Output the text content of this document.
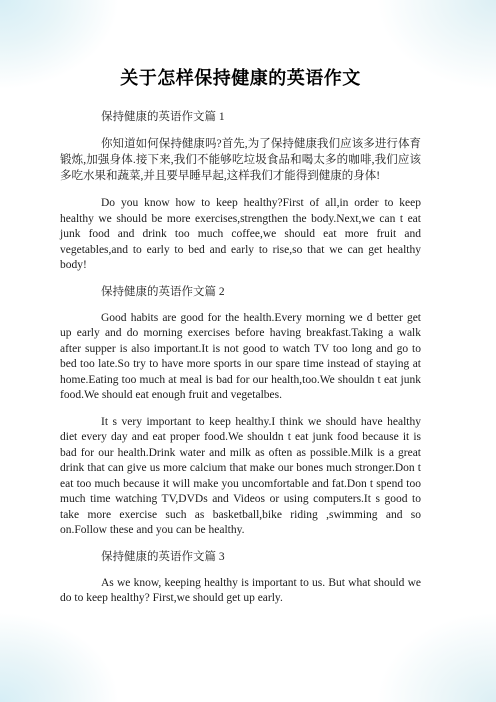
关于怎样保持健康的英语作文
保持健康的英语作文篇 1

你知道如何保持健康吗?首先,为了保持健康我们应该多进行体育锻炼,加强身体.接下来,我们不能够吃垃圾食品和喝太多的咖啡,我们应该多吃水果和蔬菜,并且要早睡早起,这样我们才能得到健康的身体!

Do you know how to keep healthy?First of all,in order to keep healthy we should be more exercises,strengthen the body.Next,we can t eat junk food and drink too much coffee,we should eat more fruit and vegetables,and to early to bed and early to rise,so that we can get healthy body!

保持健康的英语作文篇 2

Good habits are good for the health.Every morning we d better get up early and do morning exercises before having breakfast.Taking a walk after supper is also important.It is not good to watch TV too long and go to bed too late.So try to have more sports in our spare time instead of staying at home.Eating too much at meal is bad for our health,too.We shouldn t eat junk food.We should eat enough fruit and vegetalbes.

It s very important to keep healthy.I think we should have healthy diet every day and eat proper food.We shouldn t eat junk food because it is bad for our health.Drink water and milk as often as possible.Milk is a great drink that can give us more calcium that make our bones much stronger.Don t eat too much because it will make you uncomfortable and fat.Don t spend too much time watching TV,DVDs and Videos or using computers.It s good to take more exercise such as basketball,bike riding ,swimming and so on.Follow these and you can be healthy.

保持健康的英语作文篇 3

As we know, keeping healthy is important to us. But what should we do to keep healthy? First,we should get up early.
